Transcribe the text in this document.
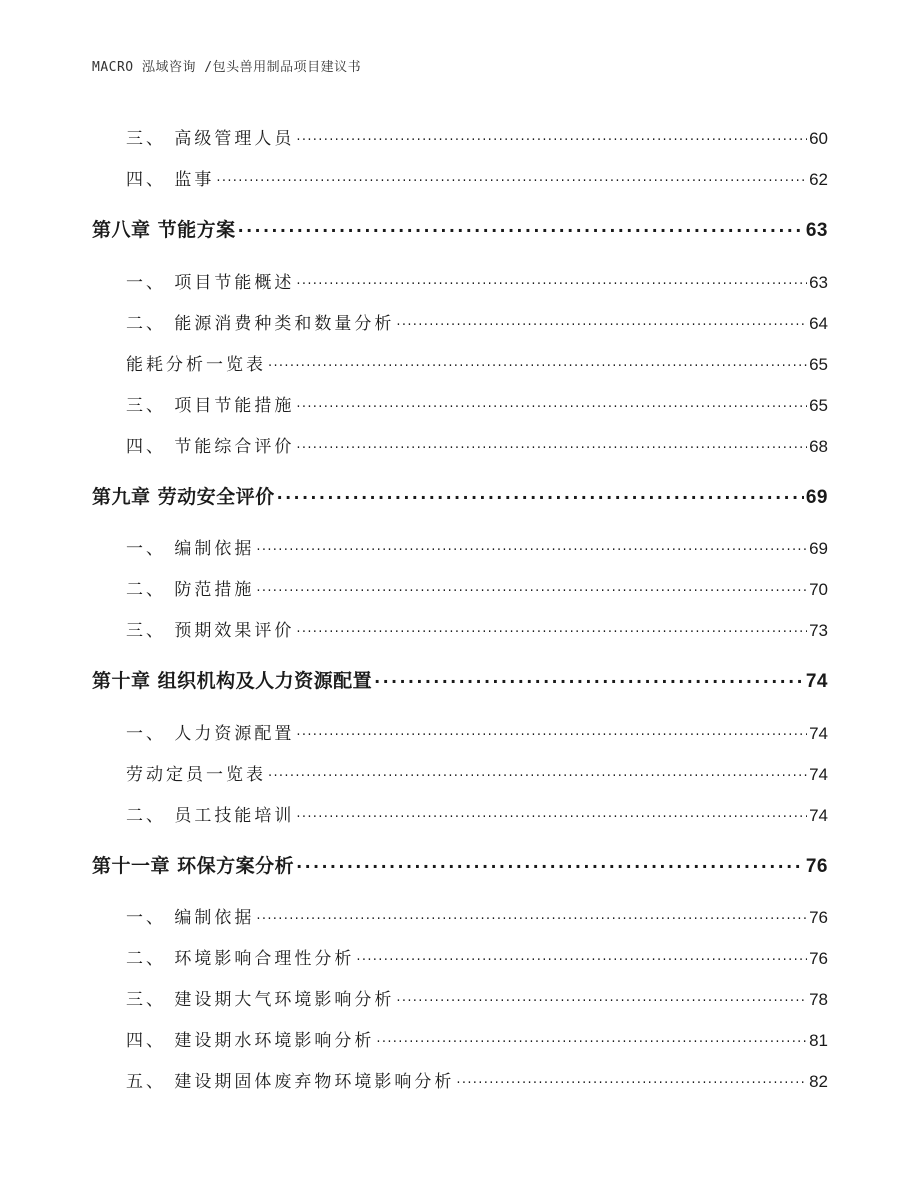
MACRO 泓域咨询 /包头兽用制品项目建议书
三、 高级管理人员 . . .	60
四、 监事 . . .	62
第八章 节能方案 . . .	63
一、 项目节能概述 . . .	63
二、 能源消费种类和数量分析 . . .	64
能耗分析一览表 . . .	65
三、 项目节能措施 . . .	65
四、 节能综合评价 . . .	68
第九章 劳动安全评价 . . .	69
一、 编制依据 . . .	69
二、 防范措施 . . .	70
三、 预期效果评价 . . .	73
第十章 组织机构及人力资源配置 . . .	74
一、 人力资源配置 . . .	74
劳动定员一览表 . . .	74
二、 员工技能培训 . . .	74
第十一章 环保方案分析 . . .	76
一、 编制依据 . . .	76
二、 环境影响合理性分析 . . .	76
三、 建设期大气环境影响分析 . . .	78
四、 建设期水环境影响分析 . . .	81
五、 建设期固体废弃物环境影响分析 . . .	82
